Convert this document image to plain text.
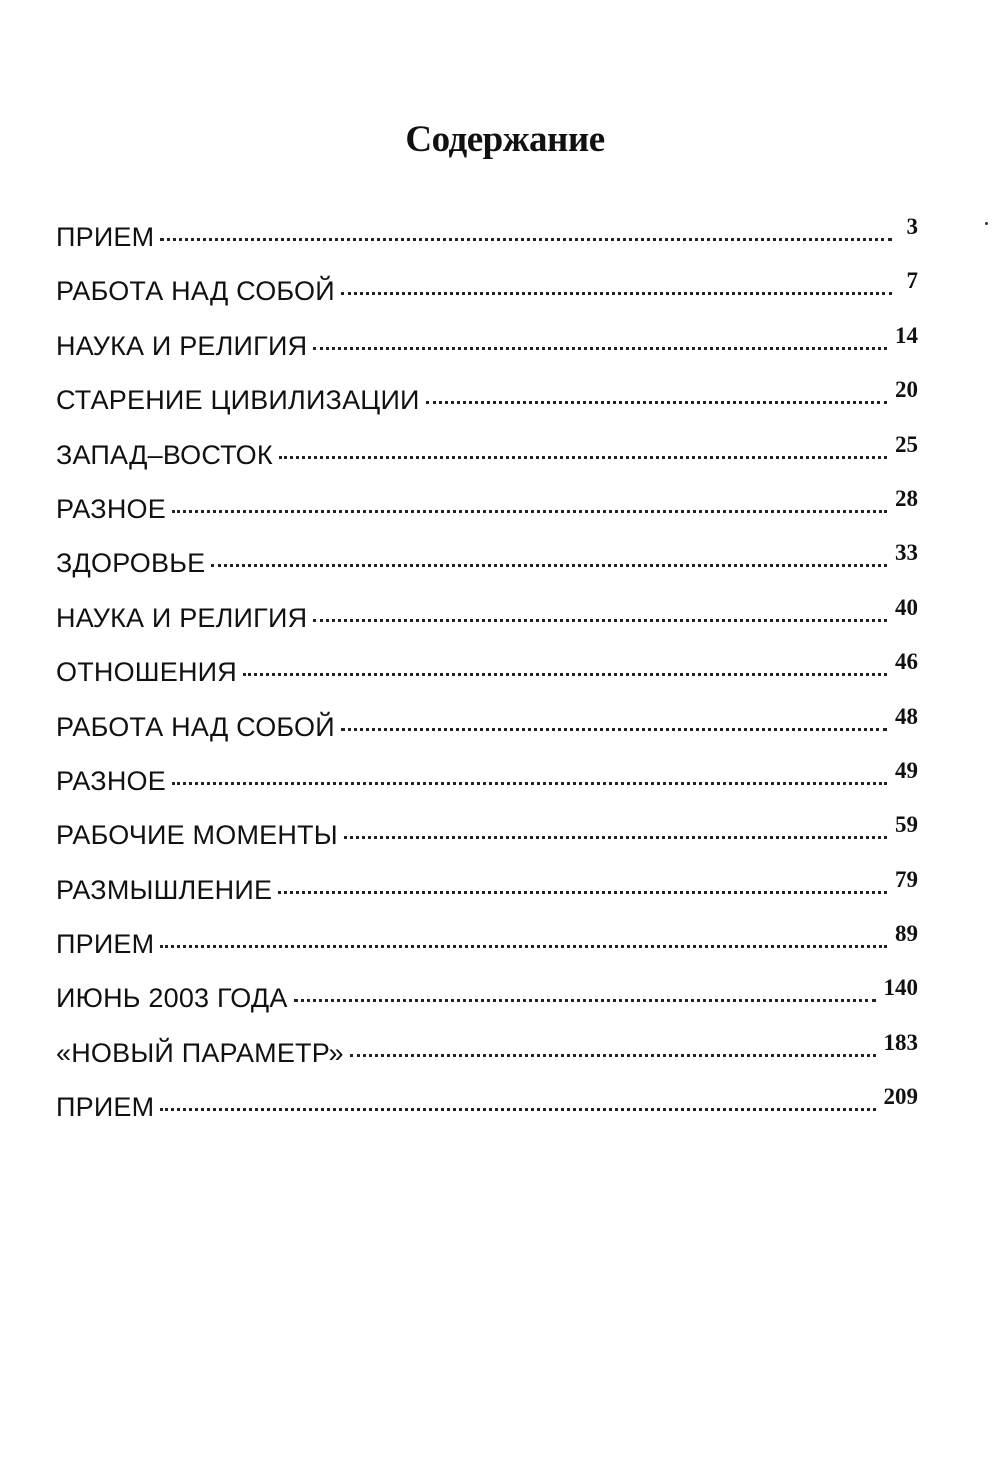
Содержание
ПРИЕМ	3
РАБОТА НАД СОБОЙ	7
НАУКА И РЕЛИГИЯ	14
СТАРЕНИЕ ЦИВИЛИЗАЦИИ	20
ЗАПАД–ВОСТОК	25
РАЗНОЕ	28
ЗДОРОВЬЕ	33
НАУКА И РЕЛИГИЯ	40
ОТНОШЕНИЯ	46
РАБОТА НАД СОБОЙ	48
РАЗНОЕ	49
РАБОЧИЕ МОМЕНТЫ	59
РАЗМЫШЛЕНИЕ	79
ПРИЕМ	89
ИЮНЬ 2003 ГОДА	140
«НОВЫЙ ПАРАМЕТР»	183
ПРИЕМ	209
